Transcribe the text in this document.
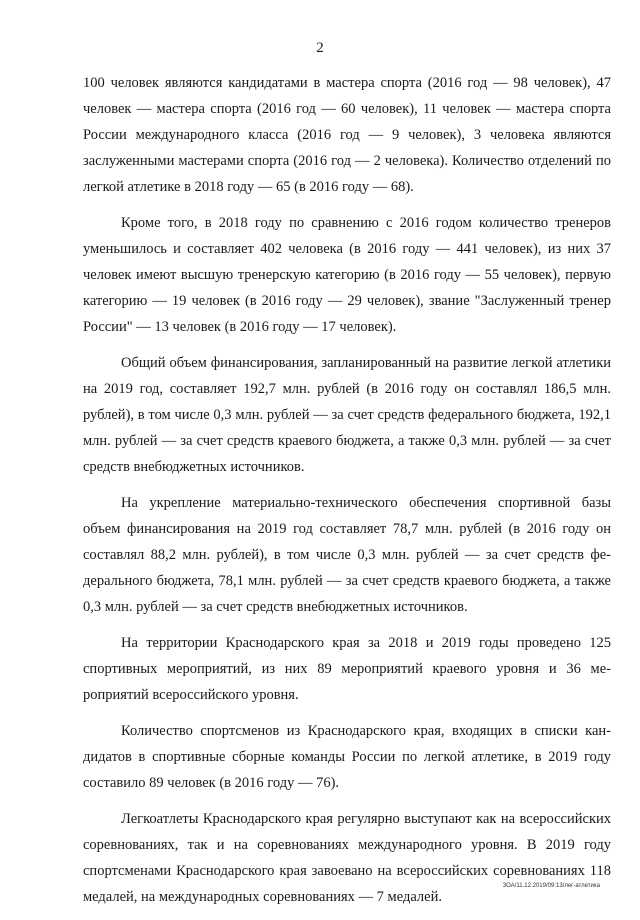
2

100 человек являются кандидатами в мастера спорта (2016 год — 98 человек), 47 человек — мастера спорта (2016 год — 60 человек), 11 человек — мастера спорта России международного класса (2016 год — 9 человек), 3 человека являются заслуженными мастерами спорта (2016 год — 2 человека). Количество отделений по легкой атлетике в 2018 году — 65 (в 2016 году — 68).

Кроме того, в 2018 году по сравнению с 2016 годом количество тренеров уменьшилось и составляет 402 человека (в 2016 году — 441 человек), из них 37 человек имеют высшую тренерскую категорию (в 2016 году — 55 человек), первую категорию — 19 человек (в 2016 году — 29 человек), звание "Заслуженный тренер России" — 13 человек (в 2016 году — 17 человек).

Общий объем финансирования, запланированный на развитие легкой атлетики на 2019 год, составляет 192,7 млн. рублей (в 2016 году он составлял 186,5 млн. рублей), в том числе 0,3 млн. рублей — за счет средств федерального бюджета, 192,1 млн. рублей — за счет средств краевого бюджета, а также 0,3 млн. рублей — за счет средств внебюджетных источников.

На укрепление материально-технического обеспечения спортивной базы объем финансирования на 2019 год составляет 78,7 млн. рублей (в 2016 году он составлял 88,2 млн. рублей), в том числе 0,3 млн. рублей — за счет средств федерального бюджета, 78,1 млн. рублей — за счет средств краевого бюджета, а также 0,3 млн. рублей — за счет средств внебюджетных источников.

На территории Краснодарского края за 2018 и 2019 годы проведено 125 спортивных мероприятий, из них 89 мероприятий краевого уровня и 36 мероприятий всероссийского уровня.

Количество спортсменов из Краснодарского края, входящих в списки кандидатов в спортивные сборные команды России по легкой атлетике, в 2019 году составило 89 человек (в 2016 году — 76).

Легкоатлеты Краснодарского края регулярно выступают как на всероссийских соревнованиях, так и на соревнованиях международного уровня. В 2019 году спортсменами Краснодарского края завоевано на всероссийских соревнованиях 118 медалей, на международных соревнованиях — 7 медалей.

ЗОА/11.12.2019/09:13/лег-атлетика
